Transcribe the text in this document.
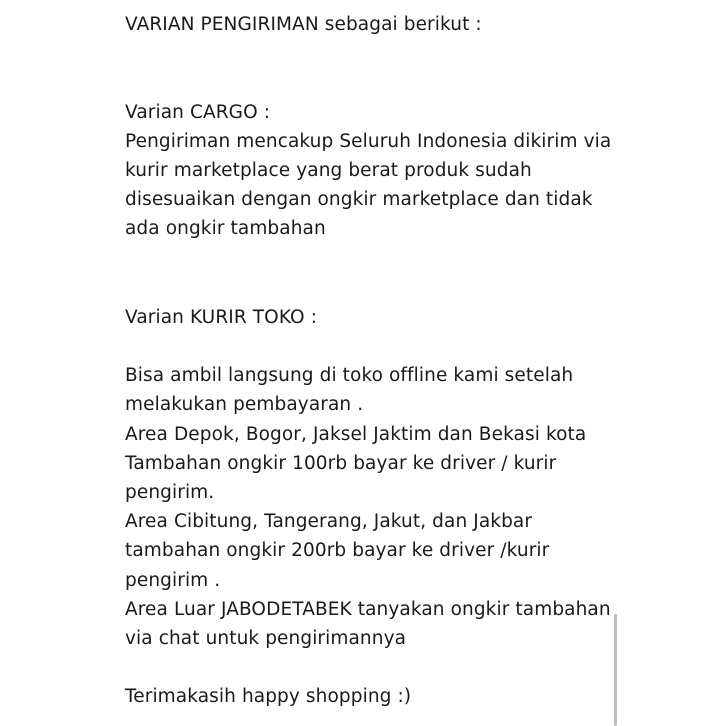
VARIAN PENGIRIMAN sebagai berikut :
Varian CARGO :
Pengiriman mencakup Seluruh Indonesia dikirim via
kurir marketplace yang berat produk sudah
disesuaikan dengan ongkir marketplace dan tidak
ada ongkir tambahan
Varian KURIR TOKO :
Bisa ambil langsung di toko offline kami setelah
melakukan pembayaran .
Area Depok, Bogor, Jaksel Jaktim dan Bekasi kota
Tambahan ongkir 100rb bayar ke driver / kurir
pengirim.
Area Cibitung, Tangerang, Jakut, dan Jakbar
tambahan ongkir 200rb bayar ke driver /kurir
pengirim .
Area Luar JABODETABEK tanyakan ongkir tambahan
via chat untuk pengirimannya
Terimakasih happy shopping :)
